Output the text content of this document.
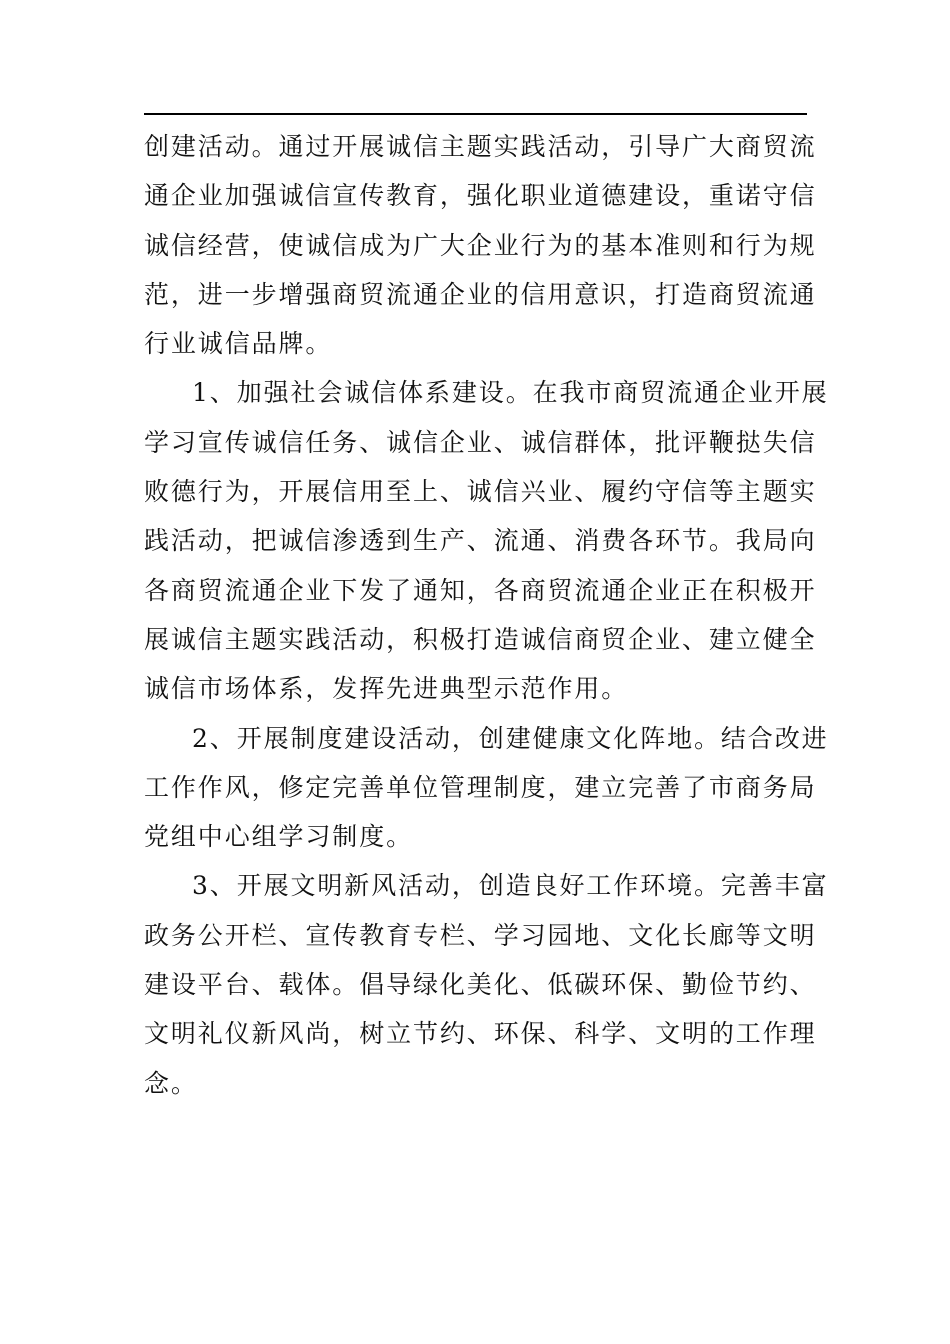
创建活动。通过开展诚信主题实践活动，引导广大商贸流
通企业加强诚信宣传教育，强化职业道德建设，重诺守信
诚信经营，使诚信成为广大企业行为的基本准则和行为规
范，进一步增强商贸流通企业的信用意识，打造商贸流通
行业诚信品牌。
1、加强社会诚信体系建设。在我市商贸流通企业开展
学习宣传诚信任务、诚信企业、诚信群体，批评鞭挞失信
败德行为，开展信用至上、诚信兴业、履约守信等主题实
践活动，把诚信渗透到生产、流通、消费各环节。我局向
各商贸流通企业下发了通知，各商贸流通企业正在积极开
展诚信主题实践活动，积极打造诚信商贸企业、建立健全
诚信市场体系，发挥先进典型示范作用。
2、开展制度建设活动，创建健康文化阵地。结合改进
工作作风，修定完善单位管理制度，建立完善了市商务局
党组中心组学习制度。
3、开展文明新风活动，创造良好工作环境。完善丰富
政务公开栏、宣传教育专栏、学习园地、文化长廊等文明
建设平台、载体。倡导绿化美化、低碳环保、勤俭节约、
文明礼仪新风尚，树立节约、环保、科学、文明的工作理
念。
